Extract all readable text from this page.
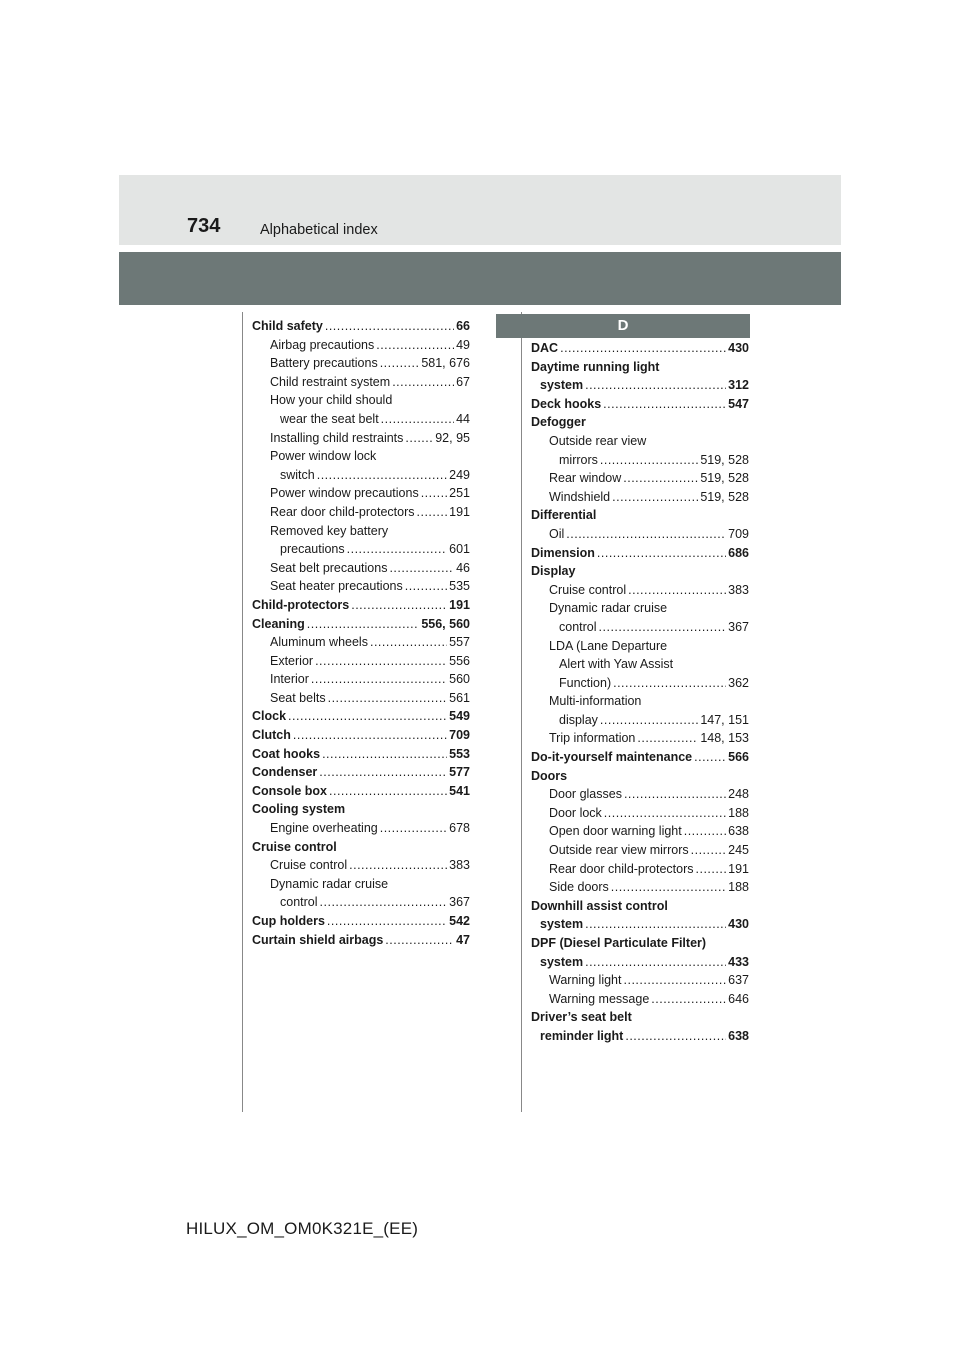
734	Alphabetical index
Child safety .....	66
Airbag precautions .....	49
Battery precautions .....	581, 676
Child restraint system .....	67
How your child should
wear the seat belt .....	44
Installing child restraints .....	92, 95
Power window lock
switch .....	249
Power window precautions ..... 251
Rear door child-protectors .....	191
Removed key battery
precautions .....	601
Seat belt precautions .....	46
Seat heater precautions .....	535
Child-protectors .....	191
Cleaning .....	556, 560
Aluminum wheels .....	557
Exterior .....	556
Interior .....	560
Seat belts .....	561
Clock .....	549
Clutch .....	709
Coat hooks .....	553
Condenser .....	577
Console box .....	541
Cooling system
Engine overheating .....	678
Cruise control
Cruise control .....	383
Dynamic radar cruise
control .....	367
Cup holders .....	542
Curtain shield airbags .....	47
D
DAC .....	430
Daytime running light
system .....	312
Deck hooks .....	547
Defogger
Outside rear view
mirrors .....	519, 528
Rear window .....	519, 528
Windshield .....	519, 528
Differential
Oil .....	709
Dimension .....	686
Display
Cruise control .....	383
Dynamic radar cruise
control .....	367
LDA (Lane Departure
Alert with Yaw Assist
Function) .....	362
Multi-information
display .....	147, 151
Trip information .....	148, 153
Do-it-yourself maintenance .....	566
Doors
Door glasses .....	248
Door lock .....	188
Open door warning light .....	638
Outside rear view mirrors .....	245
Rear door child-protectors .....	191
Side doors .....	188
Downhill assist control
system .....	430
DPF (Diesel Particulate Filter)
system .....	433
Warning light .....	637
Warning message .....	646
Driver’s seat belt
reminder light .....	638
HILUX_OM_OM0K321E_(EE)
